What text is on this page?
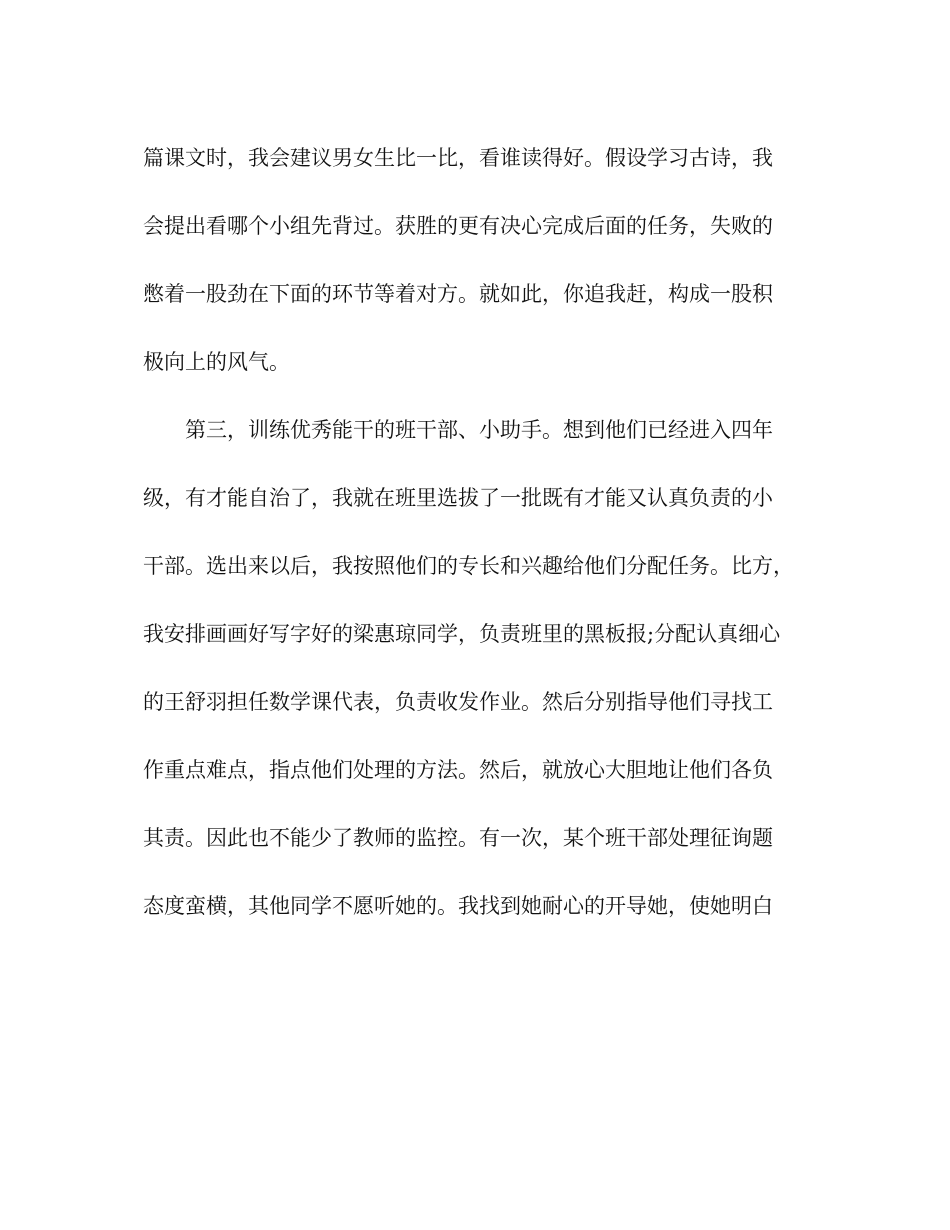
篇课文时，我会建议男女生比一比，看谁读得好。假设学习古诗，我
会提出看哪个小组先背过。获胜的更有决心完成后面的任务，失败的
憋着一股劲在下面的环节等着对方。就如此，你追我赶，构成一股积
极向上的风气。
第三，训练优秀能干的班干部、小助手。想到他们已经进入四年
级，有才能自治了，我就在班里选拔了一批既有才能又认真负责的小
干部。选出来以后，我按照他们的专长和兴趣给他们分配任务。比方，
我安排画画好写字好的梁惠琼同学，负责班里的黑板报;分配认真细心
的王舒羽担任数学课代表，负责收发作业。然后分别指导他们寻找工
作重点难点，指点他们处理的方法。然后，就放心大胆地让他们各负
其责。因此也不能少了教师的监控。有一次，某个班干部处理征询题
态度蛮横，其他同学不愿听她的。我找到她耐心的开导她，使她明白
